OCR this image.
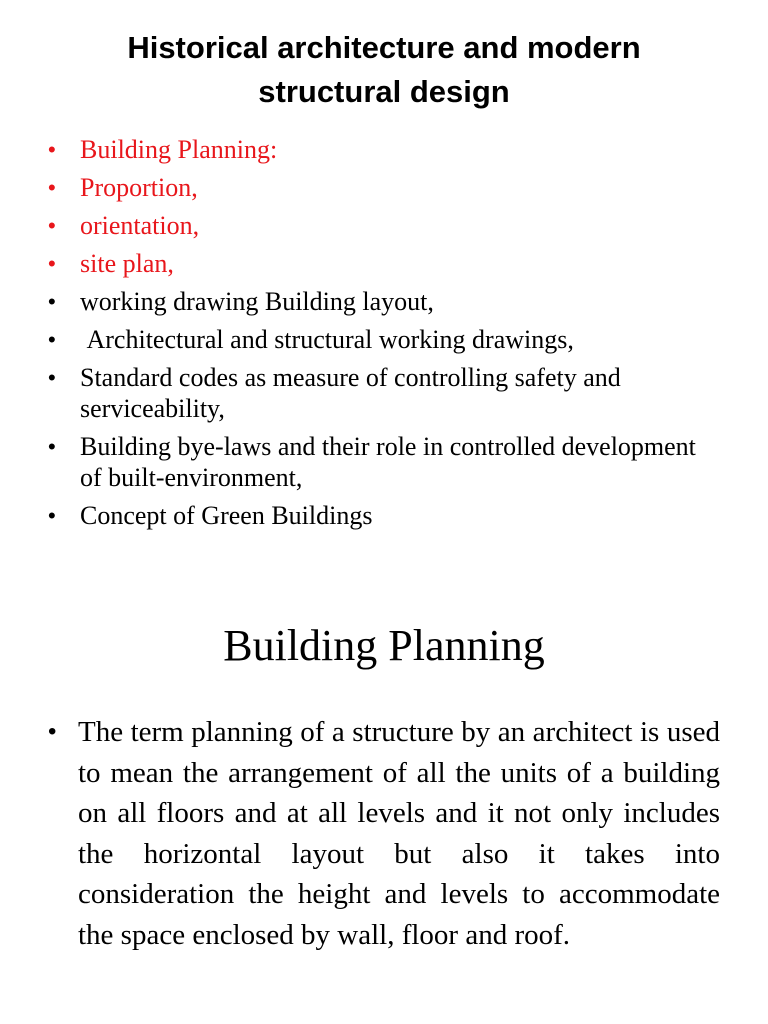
Historical architecture and modern
structural design
• Building Planning:
• Proportion,
• orientation,
• site plan,
• working drawing Building layout,
• Architectural and structural working drawings,
• Standard codes as measure of controlling safety and serviceability,
• Building bye-laws and their role in controlled development of built-environment,
• Concept of Green Buildings
Building Planning
• The term planning of a structure by an architect is used to mean the arrangement of all the units of a building on all floors and at all levels and it not only includes the horizontal layout but also it takes into consideration the height and levels to accommodate the space enclosed by wall, floor and roof.
